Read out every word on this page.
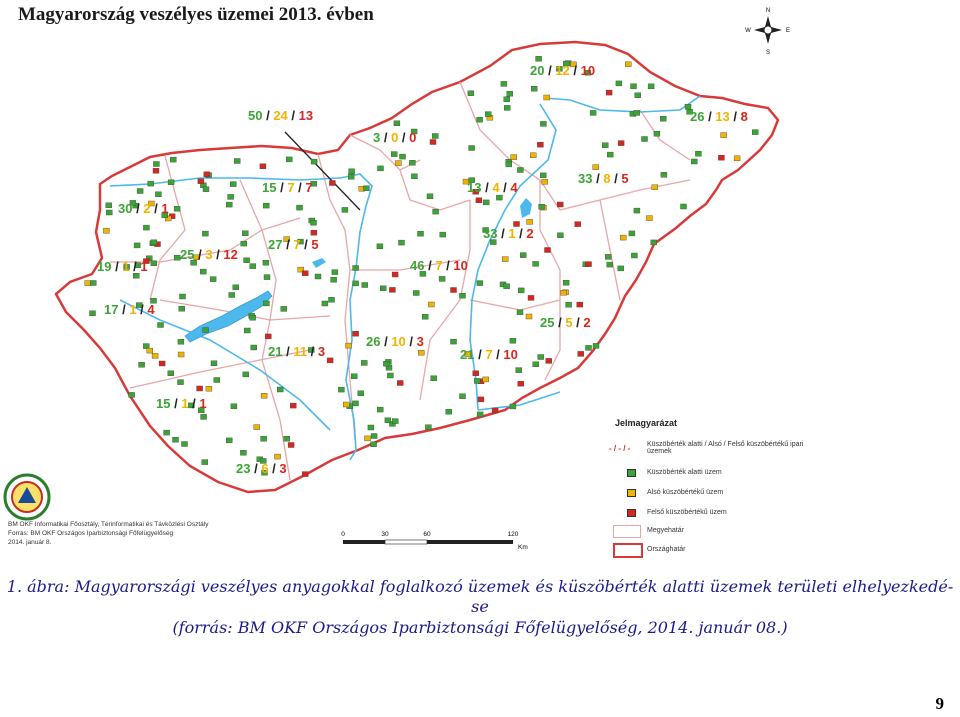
Magyarország veszélyes üzemei 2013. évben
50 / 24 / 13
20 / 12 / 10
26 / 13 / 8
3 / 0 / 0
13 / 4 / 4
33 / 8 / 5
15 / 7 / 7
30 / 2 / 1
27 / 7 / 5
33 / 1 / 2
19 / 1 / 1
25 / 3 / 12
46 / 7 / 10
17 / 1 / 4
25 / 5 / 2
21 / 11 / 3
26 / 10 / 3
21 / 7 / 10
15 / 1 / 1
23 / 6 / 3
N
S
W	E
0	30	60	120
Km
BM OKF Informatikai Főosztály, Térinformatikai és Távközlési Osztály
Forrás: BM OKF Országos Iparbiztonsági Főfelügyelőség
2014. január 8.
Jelmagyarázat
- / - / - Küszöbérték alatti / Alsó / Felső küszöbértékű ipari üzemek
Küszöbérték alatti üzem
Alsó küszöbértékű üzem
Felső küszöbértékű üzem
Megyehatár
Országhatár
1. ábra: Magyarországi veszélyes anyagokkal foglalkozó üzemek és küszöbérték alatti üzemek területi elhelyezkedé-
se
(forrás: BM OKF Országos Iparbiztonsági Főfelügyelőség, 2014. január 08.)
9
